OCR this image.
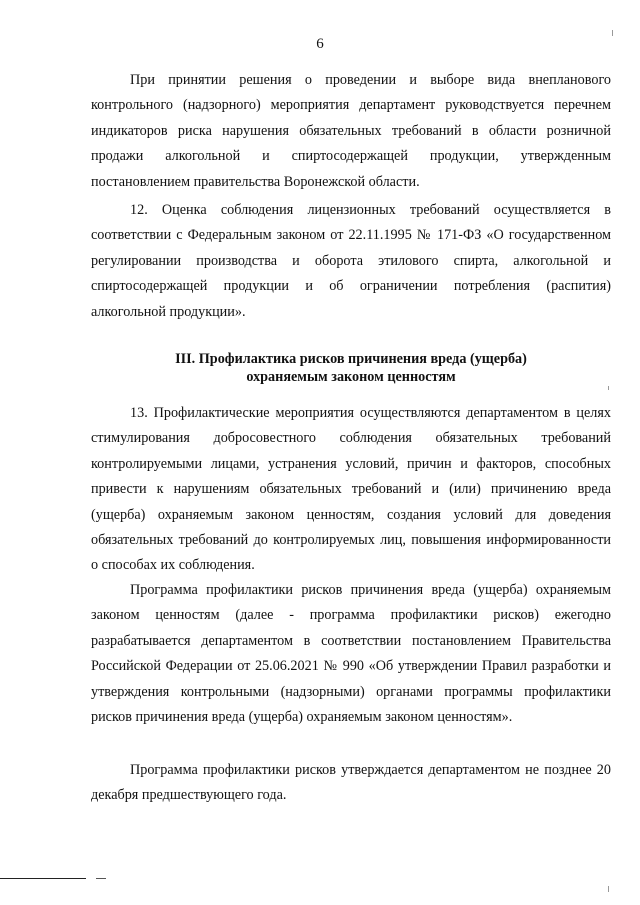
6

При принятии решения о проведении и выборе вида внепланового контрольного (надзорного) мероприятия департамент руководствуется перечнем индикаторов риска нарушения обязательных требований в области розничной продажи алкогольной и спиртосодержащей продукции, утвержденным постановлением правительства Воронежской области.

12. Оценка соблюдения лицензионных требований осуществляется в соответствии с Федеральным законом от 22.11.1995 № 171-ФЗ «О государственном регулировании производства и оборота этилового спирта, алкогольной и спиртосодержащей продукции и об ограничении потребления (распития) алкогольной продукции».

III. Профилактика рисков причинения вреда (ущерба)
охраняемым законом ценностям

13. Профилактические мероприятия осуществляются департаментом в целях стимулирования добросовестного соблюдения обязательных требований контролируемыми лицами, устранения условий, причин и факторов, способных привести к нарушениям обязательных требований и (или) причинению вреда (ущерба) охраняемым законом ценностям, создания условий для доведения обязательных требований до контролируемых лиц, повышения информированности о способах их соблюдения.

Программа профилактики рисков причинения вреда (ущерба) охраняемым законом ценностям (далее - программа профилактики рисков) ежегодно разрабатывается департаментом в соответствии постановлением Правительства Российской Федерации от 25.06.2021 № 990 «Об утверждении Правил разработки и утверждения контрольными (надзорными) органами программы профилактики рисков причинения вреда (ущерба) охраняемым законом ценностям».

Программа профилактики рисков утверждается департаментом не позднее 20 декабря предшествующего года.
